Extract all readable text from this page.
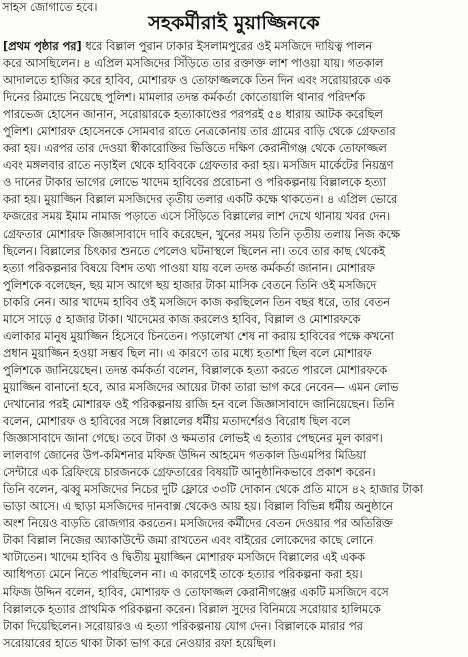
সাহস জোগাতে হবে।
সহকর্মীরাই মুয়াজ্জিনকে
[প্রথম পৃষ্ঠার পর] ধরে বিল্লাল পুরান ঢাকার ইসলামপুরের ওই মসজিদে দায়িত্ব পালন
করে আসছিলেন। ৪ এপ্রিল মসজিদের সিঁড়িতে তার রক্তাক্ত লাশ পাওয়া যায়। গতকাল
আদালতে হাজির করে হাবিব, মোশারফ ও তোফাজ্জলকে তিন দিন এবং সরোয়ারকে এক
দিনের রিমান্ডে নিয়েছে পুলিশ। মামলার তদন্ত কর্মকর্তা কোতোয়ালি থানার পরিদর্শক
পারভেজ হোসেন জানান, সরোয়ারকে হত্যাকাণ্ডের পরপরই ৫৪ ধারায় আটক করেছিল
পুলিশ। মোশারফ হোসেনকে সোমবার রাতে নেত্রকোনায় তার গ্রামের বাড়ি থেকে গ্রেফতার
করা হয়। এরপর তার দেওয়া স্বীকারোক্তির ভিত্তিতে দক্ষিণ কেরানীগঞ্জ থেকে তোফাজ্জল
এবং মঙ্গলবার রাতে নড়াইল থেকে হাবিবকে গ্রেফতার করা হয়। মসজিদ মার্কেটের নিয়ন্ত্রণ
ও দানের টাকার ভাগের লোভে খাদেম হাবিবের প্ররোচনা ও পরিকল্পনায় বিল্লালকে হত্যা
করা হয়। মুয়াজ্জিন বিল্লাল মসজিদের তৃতীয় তলার একটি কক্ষে থাকতেন। ৪ এপ্রিল ভোরে
ফজরের সময় ইমাম নামাজ পড়াতে এসে সিঁড়িতে বিল্লালের লাশ দেখে থানায় খবর দেন।
গ্রেফতার মোশারফ জিজ্ঞাসাবাদে দাবি করেছেন, খুনের সময় তিনি তৃতীয় তলায় নিজ কক্ষে
ছিলেন। বিল্লালের চিৎকার শুনতে পেলেও ঘটনাস্থলে ছিলেন না। তবে তার কাছ থেকেই
হত্যা পরিকল্পনার বিষয়ে বিশদ তথ্য পাওয়া যায় বলে তদন্ত কর্মকর্তা জানান। মোশারফ
পুলিশকে বলেছেন, ছয় মাস আগে ছয় হাজার টাকা মাসিক বেতনে তিনি ওই মসজিদে
চাকরি নেন। আর খাদেম হাবিব ওই মসজিদে কাজ করছিলেন তিন বছর ধরে, তার বেতন
মাসে সাড়ে ৫ হাজার টাকা। খাদেমের কাজ করলেও হাবিব, বিল্লাল ও মোশারফকে
এলাকার মানুষ মুয়াজ্জিন হিসেবে চিনতেন। পড়ালেখা শেষ না করায় হাবিবের পক্ষে কখনো
প্রধান মুয়াজ্জিন হওয়া সম্ভব ছিল না। এ কারণে তার মধ্যে হতাশা ছিল বলে মোশারফ
পুলিশকে জানিয়েছেন। তদন্ত কর্মকর্তা বলেন, বিল্লালকে হত্যা করতে পারলে মোশারফকে
মুয়াজ্জিন বানানো হবে, আর মসজিদের আয়ের টাকা তারা ভাগ করে নেবেন— এমন লোভ
দেখানোর পরই মোশারফ ওই পরিকল্পনায় রাজি হন বলে জিজ্ঞাসাবাদে জানিয়েছেন। তিনি
বলেন, মোশারফ ও হাবিবের সঙ্গে বিল্লালের ধর্মীয় মতাদর্শেরও বিরোধ ছিল বলে
জিজ্ঞাসাবাদে জানা গেছে। তবে টাকা ও ক্ষমতার লোভই এ হত্যার পেছনের মূল কারণ।
লালবাগ জোনের উপ-কমিশনার মফিজ উদ্দিন আহমেদ গতকাল ডিএমপির মিডিয়া
সেন্টারে এক ব্রিফিংয়ে চারজনকে গ্রেফতারের বিষয়টি আনুষ্ঠানিকভাবে প্রকাশ করেন।
তিনি বলেন, ঝব্বু মসজিদের নিচের দুটি ফ্লোরে ৩৩টি দোকান থেকে প্রতি মাসে ৪২ হাজার টাকা
ভাড়া আসে। এ ছাড়া মসজিদের দানবাক্স থেকেও আয় হয়। বিল্লাল বিভিন্ন ধর্মীয় অনুষ্ঠানে
অংশ নিয়েও বাড়তি রোজগার করতেন। মসজিদের কর্মীদের বেতন দেওয়ার পর অতিরিক্ত
টাকা বিল্লাল নিজের অ্যাকাউন্টে জমা রাখতেন এবং বাইরের লোকেদের কাছে লোনে
খাটাতেন। খাদেম হাবিব ও দ্বিতীয় মুয়াজ্জিন মোশারফ মসজিদে বিল্লালের এই একক
আধিপত্য মেনে নিতে পারছিলেন না। এ কারণেই তাকে হত্যার পরিকল্পনা করা হয়।
মফিজ উদ্দিন বলেন, হাবিব, মোশারফ ও তোফাজ্জল কেরানীগঞ্জের একটি মসজিদে বসে
বিল্লালকে হত্যার প্রাথমিক পরিকল্পনা করেন। বিল্লাল সুদের বিনিময়ে সরোয়ার হালিমকে
টাকা দিয়েছিলেন। সরোয়ারও এ হত্যা পরিকল্পনায় যোগ দেন। বিল্লালকে মারার পর
সরোয়ারের হাতে থাকা টাকা ভাগ করে নেওয়ার রফা হয়েছিল।
